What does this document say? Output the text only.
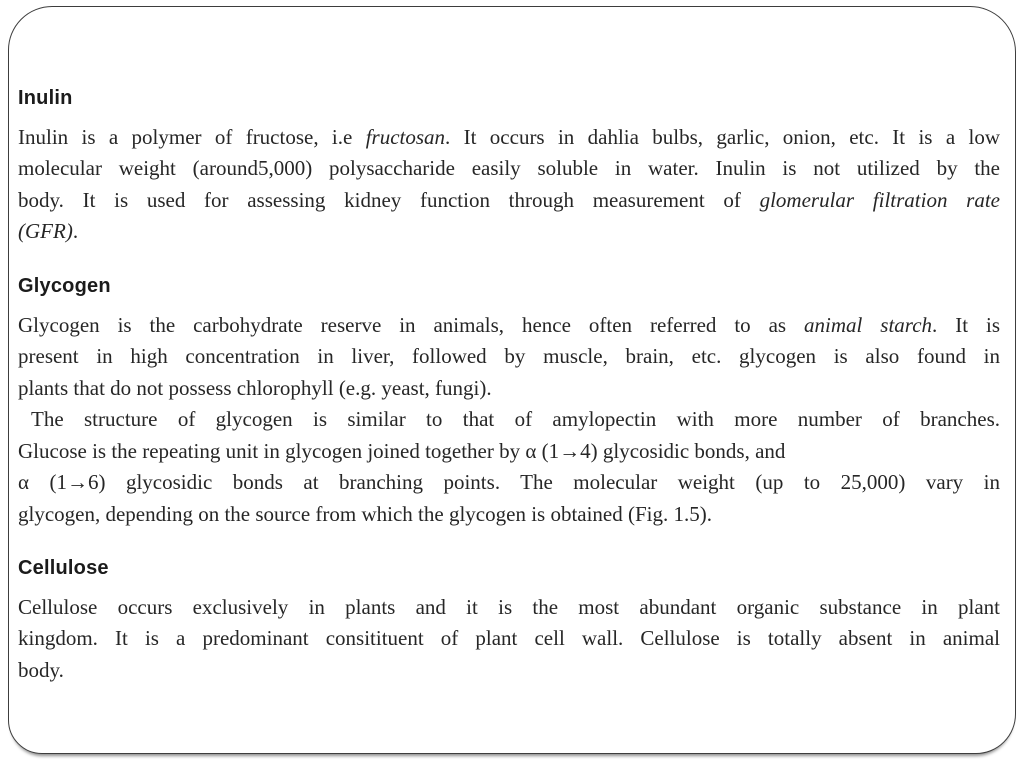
Inulin
Inulin is a polymer of fructose, i.e fructosan. It occurs in dahlia bulbs, garlic, onion, etc. It is a low
molecular weight (around5,000) polysaccharide easily soluble in water. Inulin is not utilized by the
body. It is used for assessing kidney function through measurement of glomerular filtration rate
(GFR).
Glycogen
Glycogen is the carbohydrate reserve in animals, hence often referred to as animal starch. It is
present in high concentration in liver, followed by muscle, brain, etc. glycogen is also found in
plants that do not possess chlorophyll (e.g. yeast, fungi).
The structure of glycogen is similar to that of amylopectin with more number of branches.
Glucose is the repeating unit in glycogen joined together by α (1→4) glycosidic bonds, and
α (1→6) glycosidic bonds at branching points. The molecular weight (up to 25,000) vary in
glycogen, depending on the source from which the glycogen is obtained (Fig. 1.5).
Cellulose
Cellulose occurs exclusively in plants and it is the most abundant organic substance in plant
kingdom. It is a predominant consitituent of plant cell wall. Cellulose is totally absent in animal
body.
